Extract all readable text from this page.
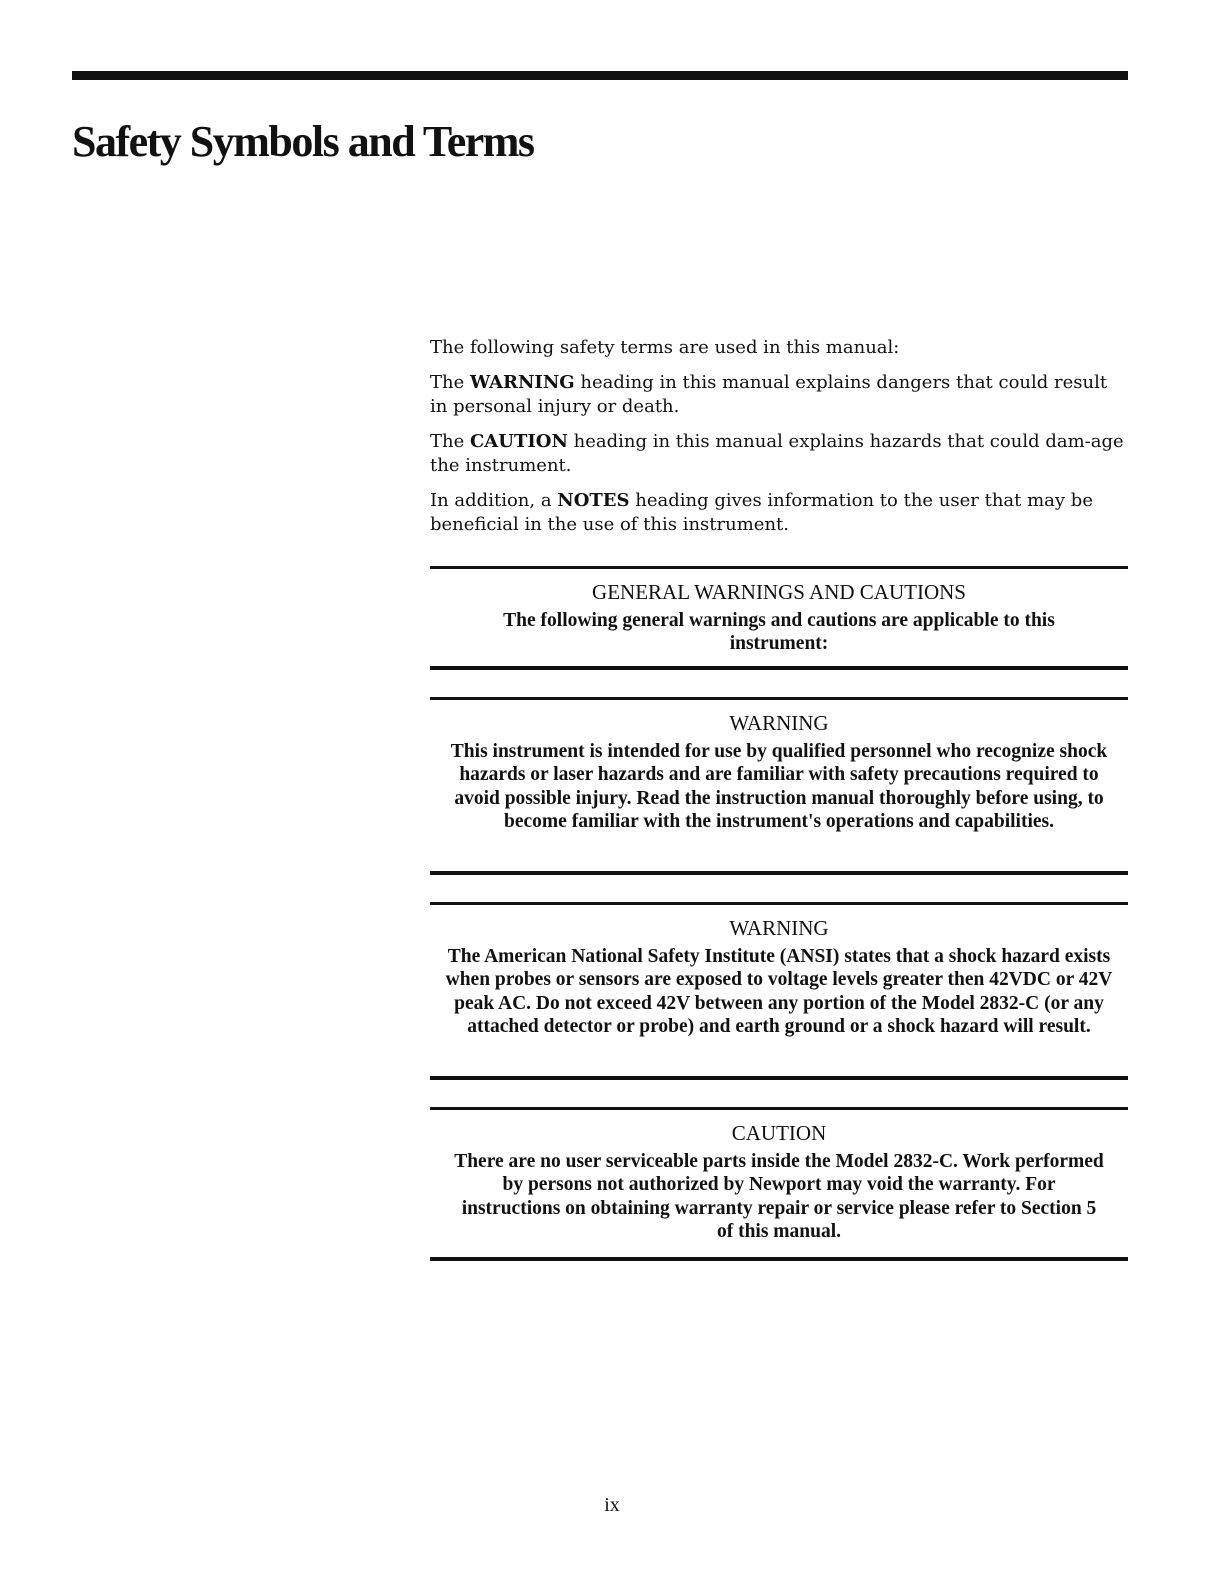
Safety Symbols and Terms

The following safety terms are used in this manual:

The WARNING heading in this manual explains dangers that could result in personal injury or death.

The CAUTION heading in this manual explains hazards that could dam-age the instrument.

In addition, a NOTES heading gives information to the user that may be beneficial in the use of this instrument.

GENERAL WARNINGS AND CAUTIONS
The following general warnings and cautions are applicable to this instrument:
WARNING
This instrument is intended for use by qualified personnel who recognize shock hazards or laser hazards and are familiar with safety precautions required to avoid possible injury. Read the instruction manual thoroughly before using, to become familiar with the instrument's operations and capabilities.
WARNING
The American National Safety Institute (ANSI) states that a shock hazard exists when probes or sensors are exposed to voltage levels greater then 42VDC or 42V peak AC. Do not exceed 42V between any portion of the Model 2832-C (or any attached detector or probe) and earth ground or a shock hazard will result.
CAUTION
There are no user serviceable parts inside the Model 2832-C. Work performed by persons not authorized by Newport may void the warranty. For instructions on obtaining warranty repair or service please refer to Section 5 of this manual.
ix
